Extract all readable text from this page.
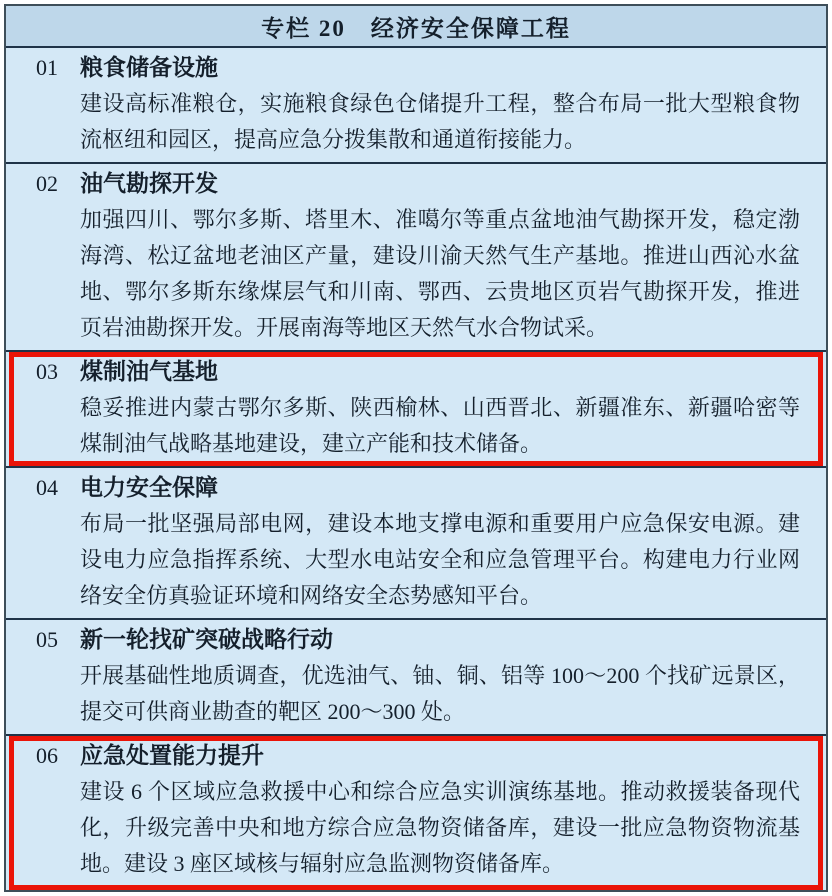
专栏 20　经济安全保障工程
01 粮食储备设施

建设高标准粮仓，实施粮食绿色仓储提升工程，整合布局一批大型粮食物流枢纽和园区，提高应急分拨集散和通道衔接能力。

02 油气勘探开发

加强四川、鄂尔多斯、塔里木、准噶尔等重点盆地油气勘探开发，稳定渤海湾、松辽盆地老油区产量，建设川渝天然气生产基地。推进山西沁水盆地、鄂尔多斯东缘煤层气和川南、鄂西、云贵地区页岩气勘探开发，推进页岩油勘探开发。开展南海等地区天然气水合物试采。

03 煤制油气基地

稳妥推进内蒙古鄂尔多斯、陕西榆林、山西晋北、新疆准东、新疆哈密等煤制油气战略基地建设，建立产能和技术储备。

04 电力安全保障

布局一批坚强局部电网，建设本地支撑电源和重要用户应急保安电源。建设电力应急指挥系统、大型水电站安全和应急管理平台。构建电力行业网络安全仿真验证环境和网络安全态势感知平台。

05 新一轮找矿突破战略行动

开展基础性地质调查，优选油气、铀、铜、铝等 100～200 个找矿远景区，提交可供商业勘查的靶区 200～300 处。

06 应急处置能力提升

建设 6 个区域应急救援中心和综合应急实训演练基地。推动救援装备现代化，升级完善中央和地方综合应急物资储备库，建设一批应急物资物流基地。建设 3 座区域核与辐射应急监测物资储备库。
